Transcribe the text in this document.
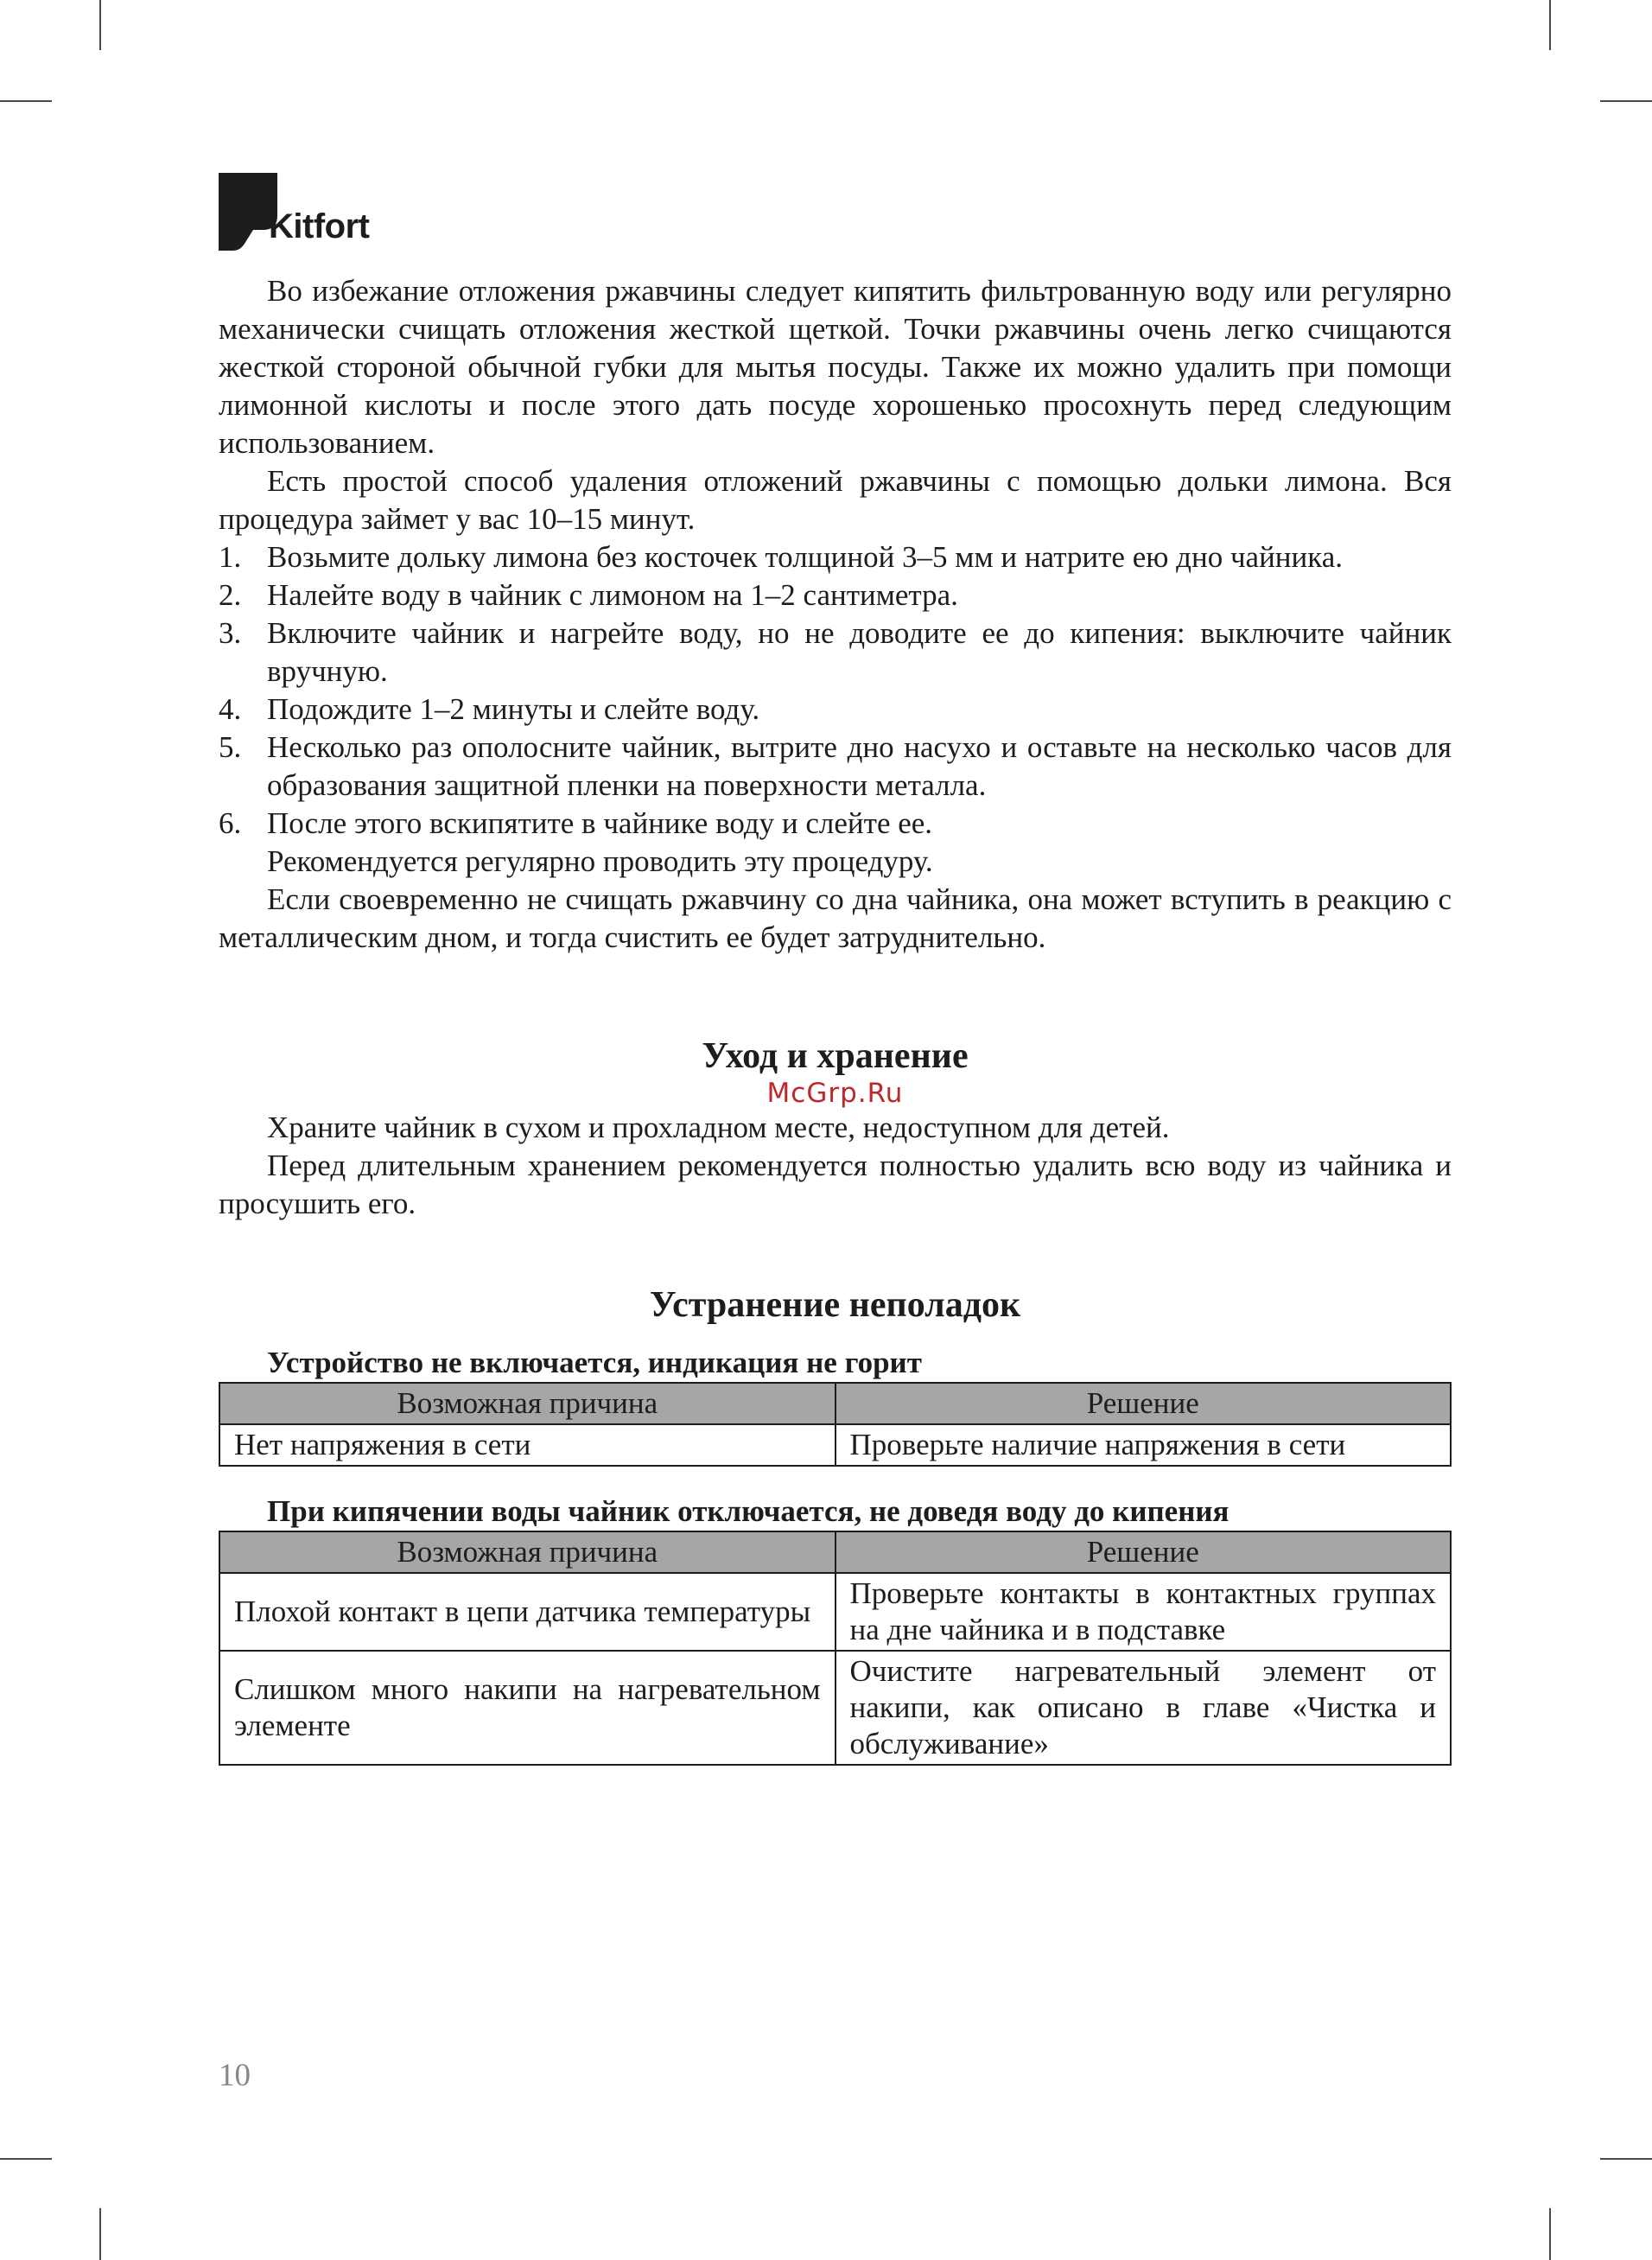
Kitfort

Во избежание отложения ржавчины следует кипятить фильтрованную воду или регулярно механически счищать отложения жесткой щеткой. Точки ржавчины очень легко счищаются жесткой стороной обычной губки для мытья посуды. Также их можно удалить при помощи лимонной кислоты и после этого дать посуде хорошенько просохнуть перед следующим использованием.

Есть простой способ удаления отложений ржавчины с помощью дольки лимона. Вся процедура займет у вас 10–15 минут.

1. Возьмите дольку лимона без косточек толщиной 3–5 мм и натрите ею дно чайника.
2. Налейте воду в чайник с лимоном на 1–2 сантиметра.
3. Включите чайник и нагрейте воду, но не доводите ее до кипения: выключите чайник вручную.
4. Подождите 1–2 минуты и слейте воду.
5. Несколько раз ополосните чайник, вытрите дно насухо и оставьте на несколько часов для образования защитной пленки на поверхности металла.
6. После этого вскипятите в чайнике воду и слейте ее.

Рекомендуется регулярно проводить эту процедуру.

Если своевременно не счищать ржавчину со дна чайника, она может вступить в реакцию с металлическим дном, и тогда счистить ее будет затруднительно.

Уход и хранение
McGrp.Ru

Храните чайник в сухом и прохладном месте, недоступном для детей.

Перед длительным хранением рекомендуется полностью удалить всю воду из чайника и просушить его.

Устранение неполадок
Устройство не включается, индикация не горит
Возможная причина	Решение
Нет напряжения в сети	Проверьте наличие напряжения в сети
При кипячении воды чайник отключается, не доведя воду до кипения
Возможная причина	Решение
Плохой контакт в цепи датчика температуры	Проверьте контакты в контактных группах на дне чайника и в подставке
Слишком много накипи на нагревательном элементе	Очистите нагревательный элемент от накипи, как описано в главе «Чистка и обслуживание»
10
